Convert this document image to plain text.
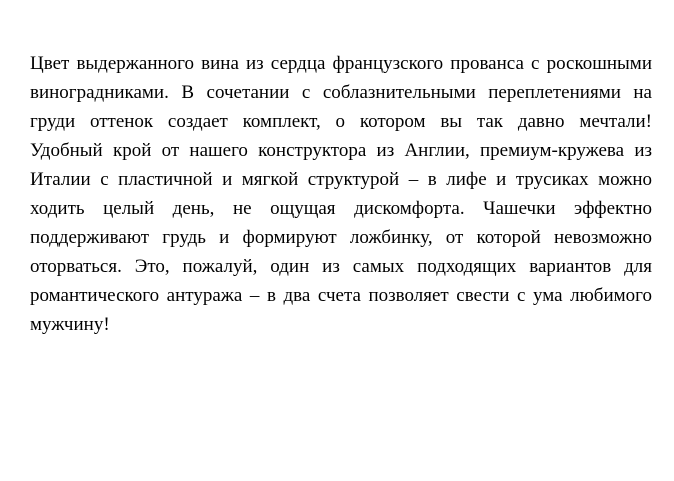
Цвет выдержанного вина из сердца французского прованса с роскошными виноградниками. В сочетании с соблазнительными переплетениями на груди оттенок создает комплект, о котором вы так давно мечтали! Удобный крой от нашего конструктора из Англии, премиум-кружева из Италии с пластичной и мягкой структурой – в лифе и трусиках можно ходить целый день, не ощущая дискомфорта. Чашечки эффектно поддерживают грудь и формируют ложбинку, от которой невозможно оторваться. Это, пожалуй, один из самых подходящих вариантов для романтического антуража – в два счета позволяет свести с ума любимого мужчину!
